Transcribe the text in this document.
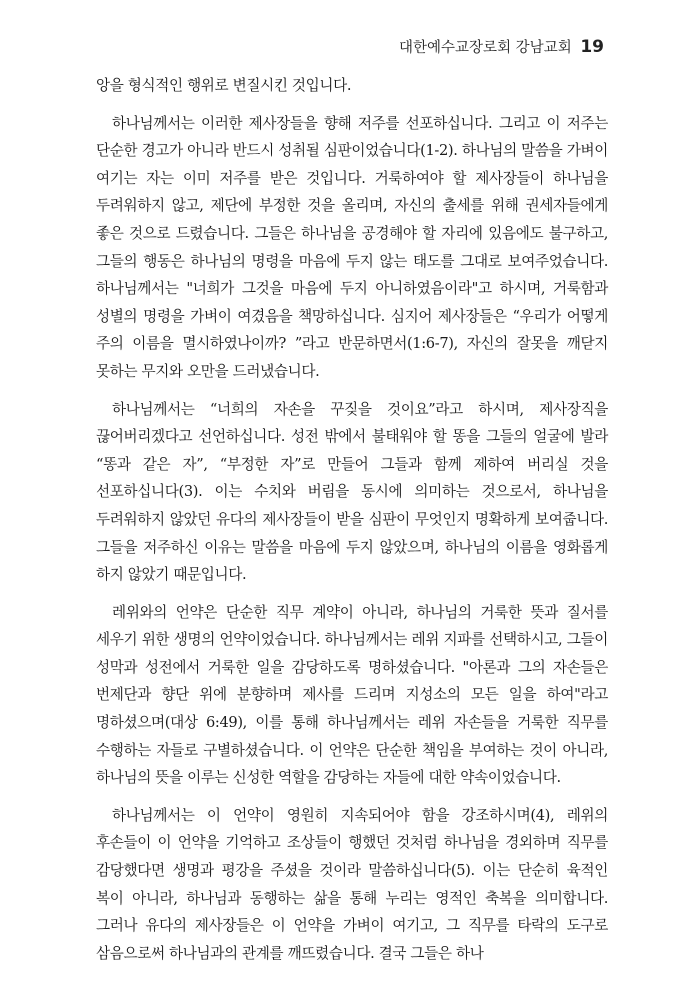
대한예수교장로회 강남교회 19

앙을 형식적인 행위로 변질시킨 것입니다.

하나님께서는 이러한 제사장들을 향해 저주를 선포하십니다. 그리고 이 저주는 단순한 경고가 아니라 반드시 성취될 심판이었습니다(1-2). 하나님의 말씀을 가벼이 여기는 자는 이미 저주를 받은 것입니다. 거룩하여야 할 제사장들이 하나님을 두려워하지 않고, 제단에 부정한 것을 올리며, 자신의 출세를 위해 권세자들에게 좋은 것으로 드렸습니다. 그들은 하나님을 공경해야 할 자리에 있음에도 불구하고, 그들의 행동은 하나님의 명령을 마음에 두지 않는 태도를 그대로 보여주었습니다. 하나님께서는 "너희가 그것을 마음에 두지 아니하였음이라"고 하시며, 거룩함과 성별의 명령을 가벼이 여겼음을 책망하십니다. 심지어 제사장들은 “우리가 어떻게 주의 이름을 멸시하였나이까? ”라고 반문하면서(1:6-7), 자신의 잘못을 깨닫지 못하는 무지와 오만을 드러냈습니다.

하나님께서는 “너희의 자손을 꾸짖을 것이요”라고 하시며, 제사장직을 끊어버리겠다고 선언하십니다. 성전 밖에서 불태워야 할 똥을 그들의 얼굴에 발라 “똥과 같은 자”, “부정한 자”로 만들어 그들과 함께 제하여 버리실 것을 선포하십니다(3). 이는 수치와 버림을 동시에 의미하는 것으로서, 하나님을 두려워하지 않았던 유다의 제사장들이 받을 심판이 무엇인지 명확하게 보여줍니다. 그들을 저주하신 이유는 말씀을 마음에 두지 않았으며, 하나님의 이름을 영화롭게 하지 않았기 때문입니다.

레위와의 언약은 단순한 직무 계약이 아니라, 하나님의 거룩한 뜻과 질서를 세우기 위한 생명의 언약이었습니다. 하나님께서는 레위 지파를 선택하시고, 그들이 성막과 성전에서 거룩한 일을 감당하도록 명하셨습니다. "아론과 그의 자손들은 번제단과 향단 위에 분향하며 제사를 드리며 지성소의 모든 일을 하여"라고 명하셨으며(대상 6:49), 이를 통해 하나님께서는 레위 자손들을 거룩한 직무를 수행하는 자들로 구별하셨습니다. 이 언약은 단순한 책임을 부여하는 것이 아니라, 하나님의 뜻을 이루는 신성한 역할을 감당하는 자들에 대한 약속이었습니다.

하나님께서는 이 언약이 영원히 지속되어야 함을 강조하시며(4), 레위의 후손들이 이 언약을 기억하고 조상들이 행했던 것처럼 하나님을 경외하며 직무를 감당했다면 생명과 평강을 주셨을 것이라 말씀하십니다(5). 이는 단순히 육적인 복이 아니라, 하나님과 동행하는 삶을 통해 누리는 영적인 축복을 의미합니다. 그러나 유다의 제사장들은 이 언약을 가벼이 여기고, 그 직무를 타락의 도구로 삼음으로써 하나님과의 관계를 깨뜨렸습니다. 결국 그들은 하나
